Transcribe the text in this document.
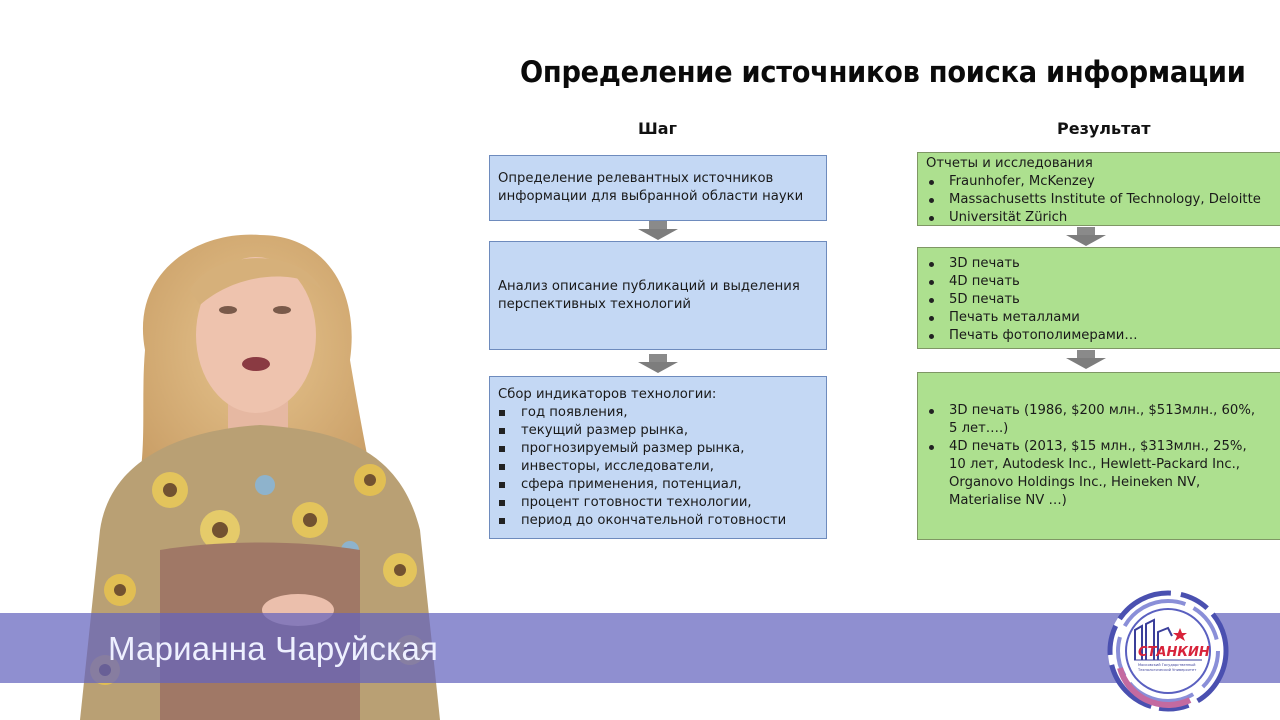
Определение источников поиска информации
Шаг	Результат
Определение релевантных источников информации для выбранной области науки
Анализ описание публикаций и выделения перспективных технологий
Сбор индикаторов технологии:
год появления,
текущий размер рынка,
прогнозируемый размер рынка,
инвесторы, исследователи,
сфера применения, потенциал,
процент готовности технологии,
период до окончательной готовности
Отчеты и исследования
Fraunhofer, McKenzey
Massachusetts Institute of Technology, Deloitte
Universität Zürich
3D печать
4D печать
5D печать
Печать металлами
Печать фотополимерами…
3D печать (1986, $200 млн., $513млн., 60%, 5 лет….)
4D печать (2013, $15 млн., $313млн., 25%, 10 лет, Autodesk Inc., Hewlett-Packard Inc., Organovo Holdings Inc., Heineken NV, Materialise NV …)
Марианна Чаруйская	СТАНКИН
Московский Государственный
Технологический Университет
